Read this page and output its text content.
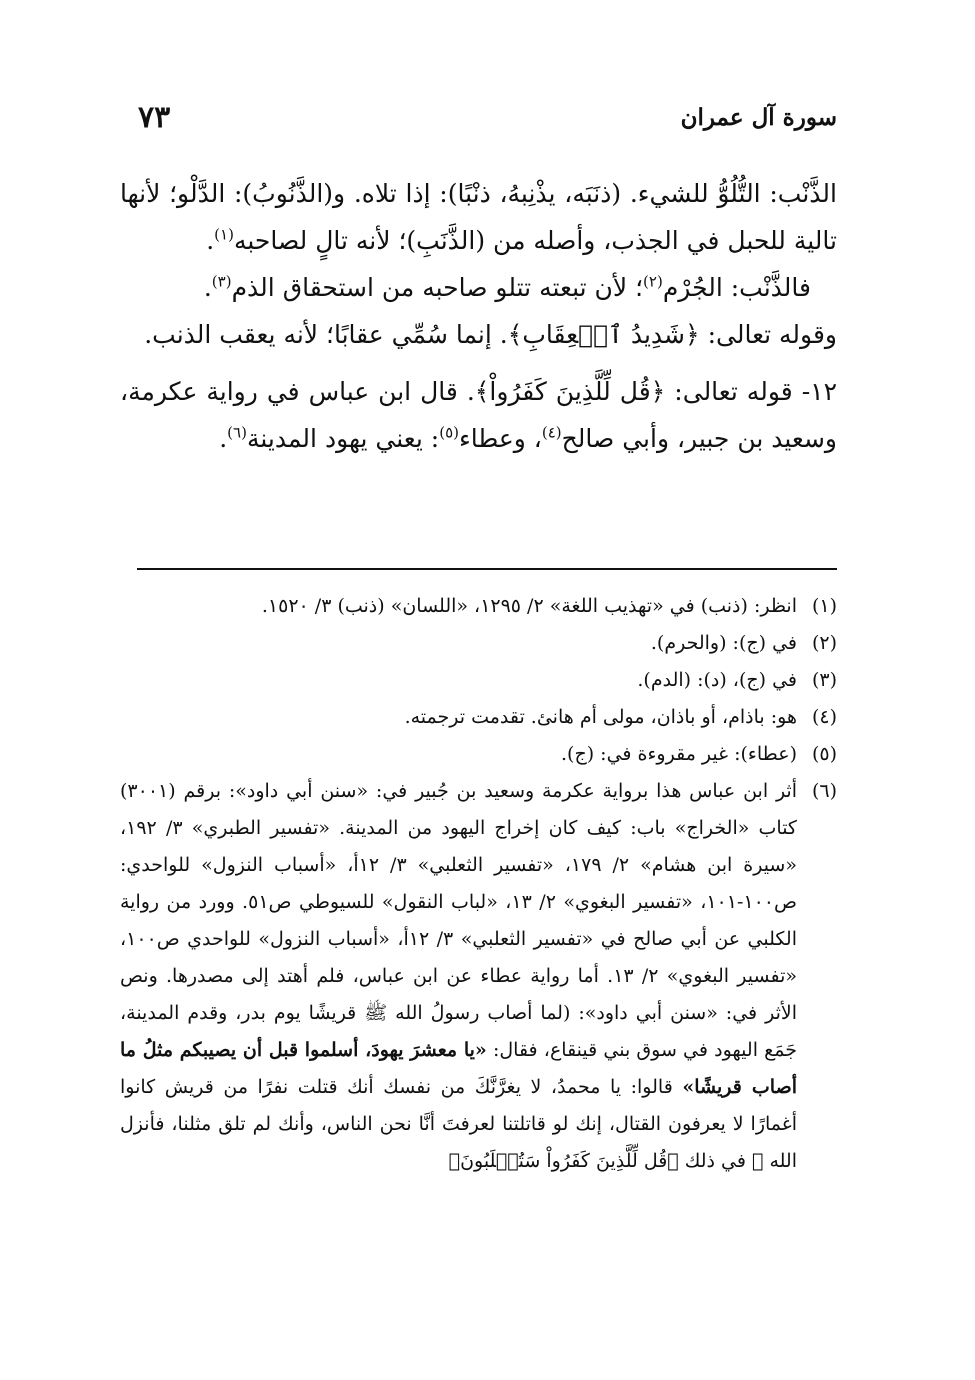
سورة آل عمران
٧٣

الذَّنْب: التُّلُوُّ للشيء. (ذنَبَه، يذْنِبهُ، ذنْبًا): إذا تلاه. و(الذَّنُوبُ): الدَّلْو؛ لأنها تالية للحبل في الجذب، وأصله من (الذَّنَبِ)؛ لأنه تالٍ لصاحبه$^{(١)}$.

فالذَّنْب: الجُرْم$^{(٢)}$؛ لأن تبعته تتلو صاحبه من استحقاق الذم$^{(٣)}$.

وقوله تعالى: ﴿شَدِيدُ ٱلۡعِقَابِ﴾. إنما سُمِّي عقابًا؛ لأنه يعقب الذنب.

١٢- قوله تعالى: ﴿قُل لِّلَّذِينَ كَفَرُواْ﴾. قال ابن عباس في رواية عكرمة، وسعيد بن جبير، وأبي صالح$^{(٤)}$، وعطاء$^{(٥)}$: يعني يهود المدينة$^{(٦)}$.

(١)
انظر: (ذنب) في «تهذيب اللغة» ٢/ ١٢٩٥، «اللسان» (ذنب) ٣/ ١٥٢٠.
(٢)
في (ج): (والحرم).
(٣)
في (ج)، (د): (الدم).
(٤)
هو: باذام، أو باذان، مولى أم هانئ. تقدمت ترجمته.
(٥)
(عطاء): غير مقروءة في: (ج).
(٦)
أثر ابن عباس هذا برواية عكرمة وسعيد بن جُبير في: «سنن أبي داود»: برقم (٣٠٠١) كتاب «الخراج» باب: كيف كان إخراج اليهود من المدينة. «تفسير الطبري» ٣/ ١٩٢، «سيرة ابن هشام» ٢/ ١٧٩، «تفسير الثعلبي» ٣/ ١٢أ، «أسباب النزول» للواحدي: ص١٠٠-١٠١، «تفسير البغوي» ٢/ ١٣، «لباب النقول» للسيوطي ص٥١. وورد من رواية الكلبي عن أبي صالح في «تفسير الثعلبي» ٣/ ١٢أ، «أسباب النزول» للواحدي ص١٠٠، «تفسير البغوي» ٢/ ١٣. أما رواية عطاء عن ابن عباس، فلم أهتد إلى مصدرها. ونص الأثر في: «سنن أبي داود»: (لما أصاب رسولُ الله ﷺ قريشًا يوم بدر، وقدم المدينة، جَمَع اليهود في سوق بني قينقاع، فقال: «يا معشرَ يهودَ، أسلموا قبل أن يصيبكم مثلُ ما أصاب قريشًا» قالوا: يا محمدُ، لا يغرَّنَّكَ من نفسك أنك قتلت نفرًا من قريش كانوا أغمارًا لا يعرفون القتال، إنك لو قاتلتنا لعرفتَ أنَّا نحن الناس، وأنك لم تلق مثلنا، فأنزل الله ﷻ في ذلك ﴿قُل لِّلَّذِينَ كَفَرُواْ سَتُغۡلَبُونَ﴾
